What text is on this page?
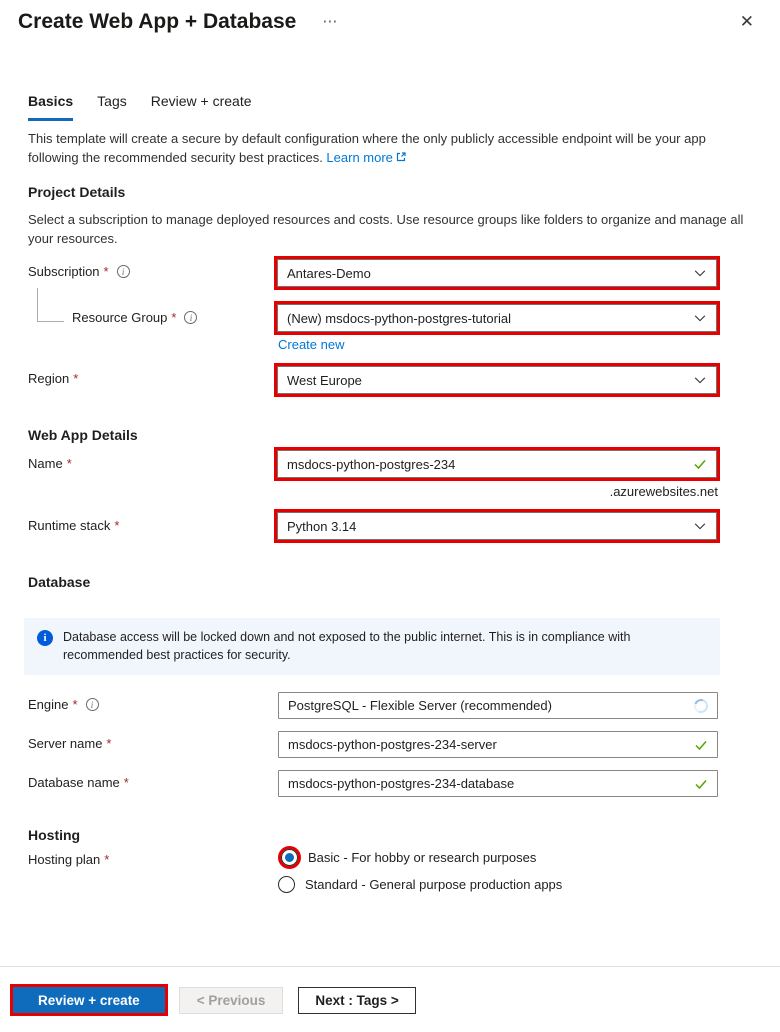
Create Web App + Database ⋯	✕
Basics Tags Review + create
This template will create a secure by default configuration where the only publicly accessible endpoint will be your app following the recommended security best practices. Learn more
Project Details
Select a subscription to manage deployed resources and costs. Use resource groups like folders to organize and manage all your resources.
Subscription * i	Antares-Demo
Resource Group * i	(New) msdocs-python-postgres-tutorial
Create new
Region *	West Europe
Web App Details
Name *	msdocs-python-postgres-234
.azurewebsites.net
Runtime stack *	Python 3.14
Database
i
Database access will be locked down and not exposed to the public internet. This is in compliance with recommended best practices for security.
Engine * i	PostgreSQL - Flexible Server (recommended)
Server name *	msdocs-python-postgres-234-server
Database name *	msdocs-python-postgres-234-database
Hosting
Hosting plan *	Basic - For hobby or research purposes
Standard - General purpose production apps
Review + create	< Previous	Next : Tags >
